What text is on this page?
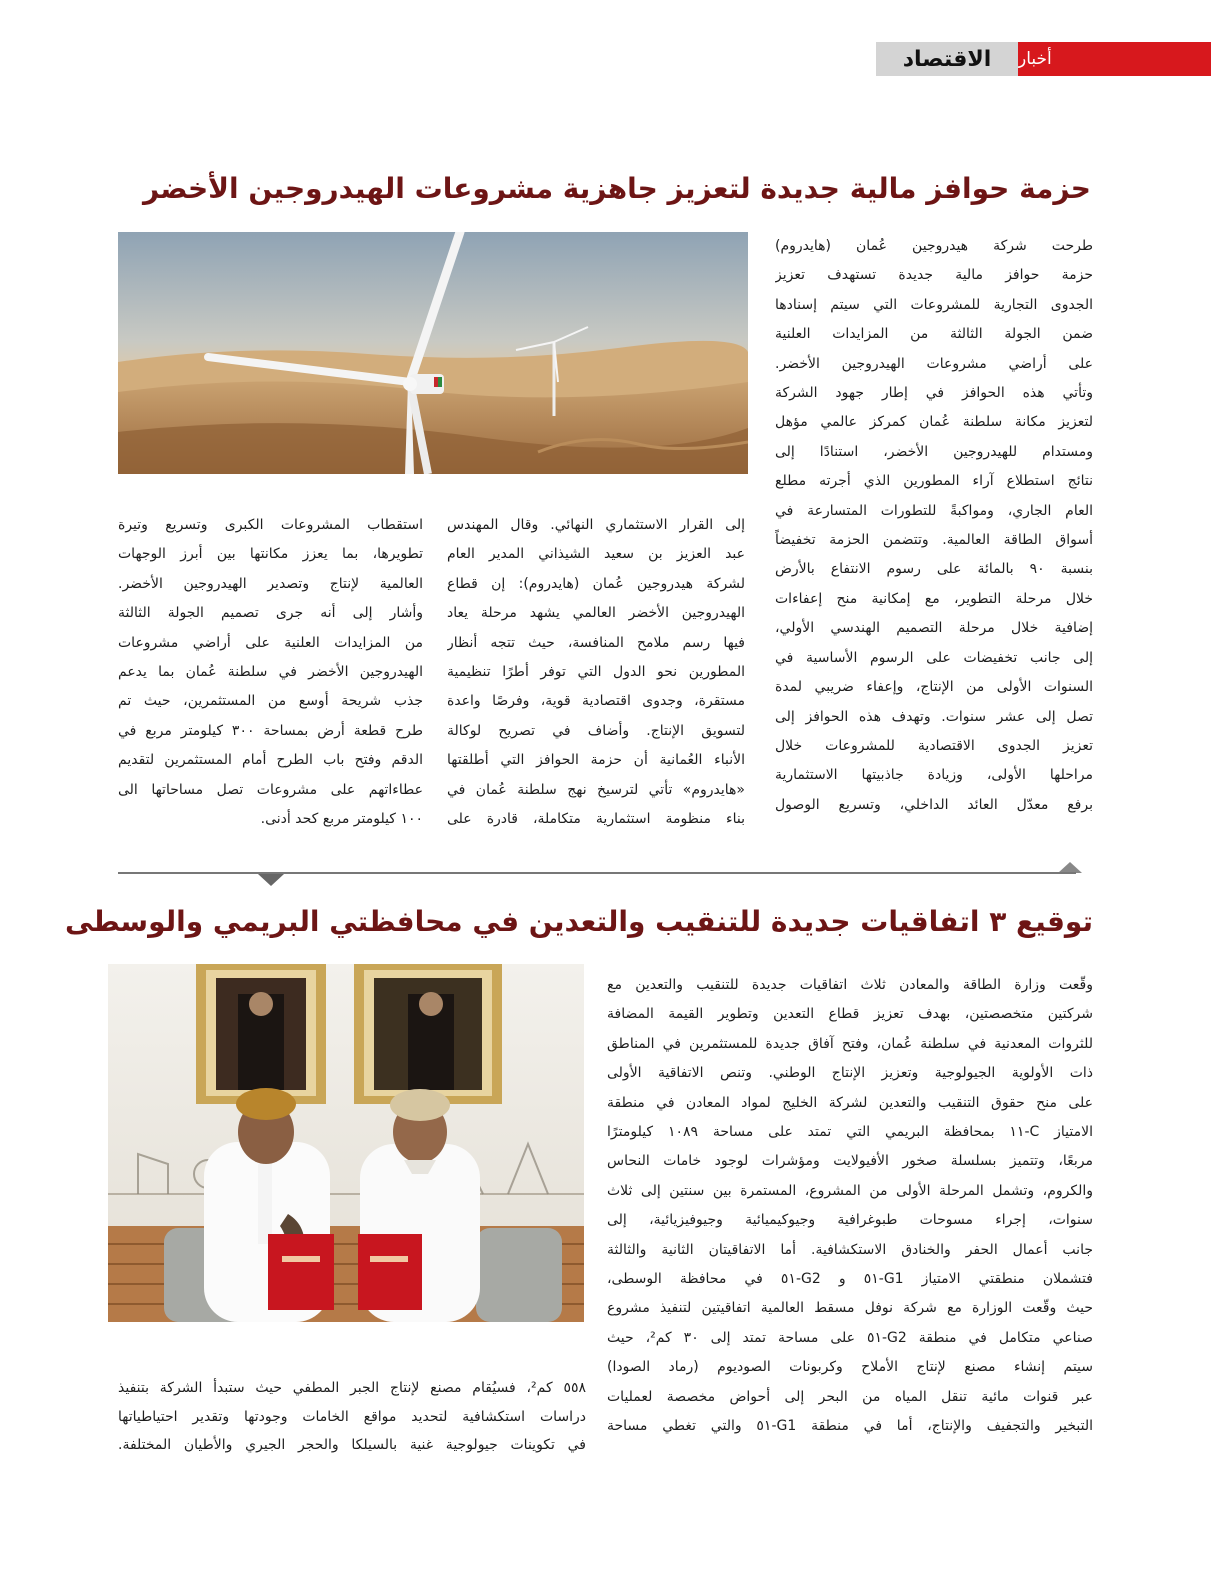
الاقتصاد	أخبار
حزمة حوافز مالية جديدة لتعزيز جاهزية مشروعات الهيدروجين الأخضر
طرحت شركة هيدروجين عُمان (هايدروم)
حزمة حوافز مالية جديدة تستهدف تعزيز
الجدوى التجارية للمشروعات التي سيتم إسنادها
ضمن الجولة الثالثة من المزايدات العلنية
على أراضي مشروعات الهيدروجين الأخضر.
وتأتي هذه الحوافز في إطار جهود الشركة
لتعزيز مكانة سلطنة عُمان كمركز عالمي مؤهل
ومستدام للهيدروجين الأخضر، استنادًا إلى
نتائج استطلاع آراء المطورين الذي أجرته مطلع
العام الجاري، ومواكبةً للتطورات المتسارعة في
أسواق الطاقة العالمية. وتتضمن الحزمة تخفيضاً
بنسبة ٩٠ بالمائة على رسوم الانتفاع بالأرض
خلال مرحلة التطوير، مع إمكانية منح إعفاءات
إضافية خلال مرحلة التصميم الهندسي الأولي،
إلى جانب تخفيضات على الرسوم الأساسية في
السنوات الأولى من الإنتاج، وإعفاء ضريبي لمدة
تصل إلى عشر سنوات. وتهدف هذه الحوافز إلى
تعزيز الجدوى الاقتصادية للمشروعات خلال
مراحلها الأولى، وزيادة جاذبيتها الاستثمارية
برفع معدّل العائد الداخلي، وتسريع الوصول
إلى القرار الاستثماري النهائي. وقال المهندس
عبد العزيز بن سعيد الشيذاني المدير العام
لشركة هيدروجين عُمان (هايدروم): إن قطاع
الهيدروجين الأخضر العالمي يشهد مرحلة يعاد
فيها رسم ملامح المنافسة، حيث تتجه أنظار
المطورين نحو الدول التي توفر أطرًا تنظيمية
مستقرة، وجدوى اقتصادية قوية، وفرصًا واعدة
لتسويق الإنتاج. وأضاف في تصريح لوكالة
الأنباء العُمانية أن حزمة الحوافز التي أطلقتها
«هايدروم» تأتي لترسيخ نهج سلطنة عُمان في
بناء منظومة استثمارية متكاملة، قادرة على
استقطاب المشروعات الكبرى وتسريع وتيرة
تطويرها، بما يعزز مكانتها بين أبرز الوجهات
العالمية لإنتاج وتصدير الهيدروجين الأخضر.
وأشار إلى أنه جرى تصميم الجولة الثالثة
من المزايدات العلنية على أراضي مشروعات
الهيدروجين الأخضر في سلطنة عُمان بما يدعم
جذب شريحة أوسع من المستثمرين، حيث تم
طرح قطعة أرض بمساحة ٣٠٠ كيلومتر مربع في
الدقم وفتح باب الطرح أمام المستثمرين لتقديم
عطاءاتهم على مشروعات تصل مساحاتها الى
١٠٠ كيلومتر مربع كحد أدنى.
توقيع ٣ اتفاقيات جديدة للتنقيب والتعدين في محافظتي البريمي والوسطى
وقّعت وزارة الطاقة والمعادن ثلاث اتفاقيات جديدة للتنقيب والتعدين مع
شركتين متخصصتين، بهدف تعزيز قطاع التعدين وتطوير القيمة المضافة
للثروات المعدنية في سلطنة عُمان، وفتح آفاق جديدة للمستثمرين في المناطق
ذات الأولوية الجيولوجية وتعزيز الإنتاج الوطني. وتنص الاتفاقية الأولى
على منح حقوق التنقيب والتعدين لشركة الخليج لمواد المعادن في منطقة
الامتياز C-١١ بمحافظة البريمي التي تمتد على مساحة ١٠٨٩ كيلومترًا
مربعًا، وتتميز بسلسلة صخور الأفيولايت ومؤشرات لوجود خامات النحاس
والكروم، وتشمل المرحلة الأولى من المشروع، المستمرة بين سنتين إلى ثلاث
سنوات، إجراء مسوحات طبوغرافية وجيوكيميائية وجيوفيزيائية، إلى
جانب أعمال الحفر والخنادق الاستكشافية. أما الاتفاقيتان الثانية والثالثة
فتشملان منطقتي الامتياز G1-٥١ و G2-٥١ في محافظة الوسطى،
حيث وقّعت الوزارة مع شركة نوفل مسقط العالمية اتفاقيتين لتنفيذ مشروع
صناعي متكامل في منطقة G2-٥١ على مساحة تمتد إلى ٣٠ كم²، حيث
سيتم إنشاء مصنع لإنتاج الأملاح وكربونات الصوديوم (رماد الصودا)
عبر قنوات مائية تنقل المياه من البحر إلى أحواض مخصصة لعمليات
التبخير والتجفيف والإنتاج، أما في منطقة G1-٥١ والتي تغطي مساحة
٥٥٨ كم²، فسيُقام مصنع لإنتاج الجبر المطفي حيث ستبدأ الشركة بتنفيذ
دراسات استكشافية لتحديد مواقع الخامات وجودتها وتقدير احتياطياتها
في تكوينات جيولوجية غنية بالسيلكا والحجر الجيري والأطيان المختلفة.
